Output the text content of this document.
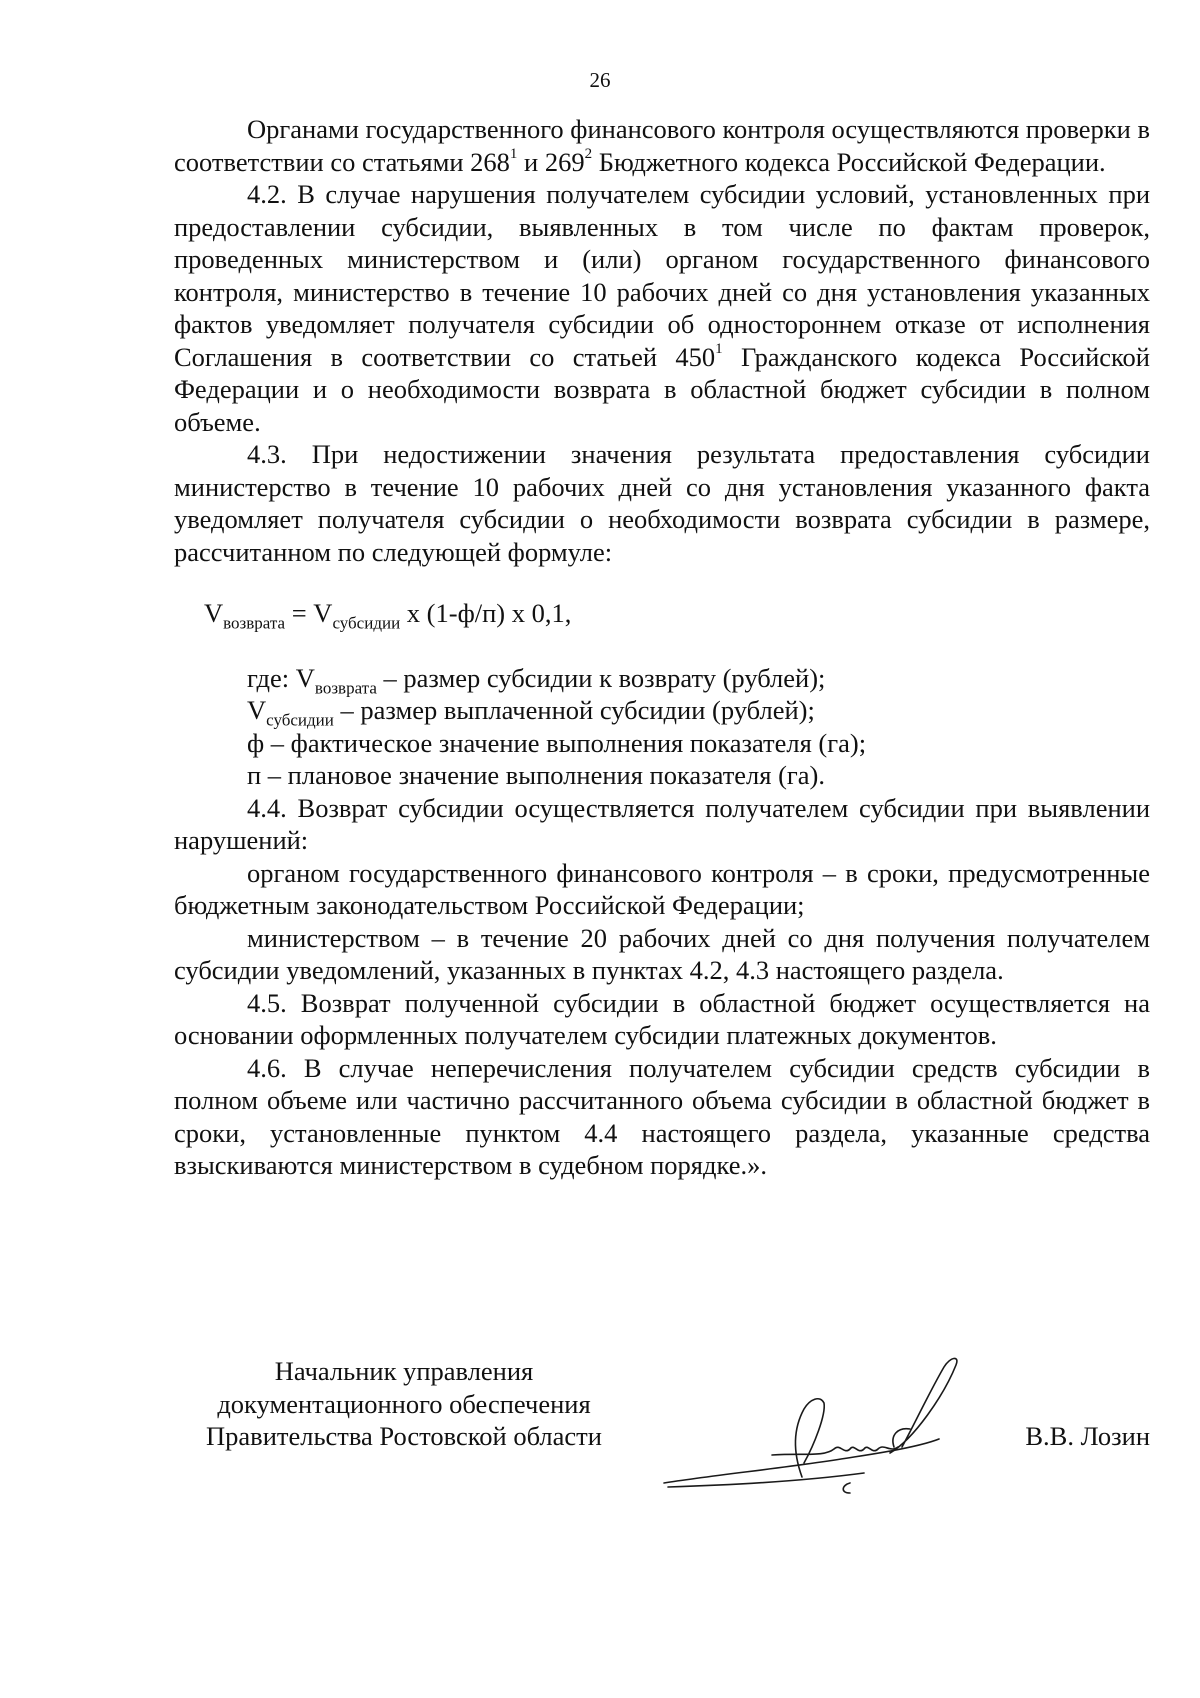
26

Органами государственного финансового контроля осуществляются проверки в соответствии со статьями $268^1$ и $269^2$ Бюджетного кодекса Российской Федерации.

4.2. В случае нарушения получателем субсидии условий, установленных при предоставлении субсидии, выявленных в том числе по фактам проверок, проведенных министерством и (или) органом государственного финансового контроля, министерство в течение 10 рабочих дней со дня установления указанных фактов уведомляет получателя субсидии об одностороннем отказе от исполнения Соглашения в соответствии со статьей $450^1$ Гражданского кодекса Российской Федерации и о необходимости возврата в областной бюджет субсидии в полном объеме.

4.3. При недостижении значения результата предоставления субсидии министерство в течение 10 рабочих дней со дня установления указанного факта уведомляет получателя субсидии о необходимости возврата субсидии в размере, рассчитанном по следующей формуле:

$V_{возврата} = V_{субсидии}$ x (1-ф/п) x 0,1,

где: $V_{возврата}$ – размер субсидии к возврату (рублей);

$V_{субсидии}$ – размер выплаченной субсидии (рублей);

ф – фактическое значение выполнения показателя (га);

п – плановое значение выполнения показателя (га).

4.4. Возврат субсидии осуществляется получателем субсидии при выявлении нарушений:

органом государственного финансового контроля – в сроки, предусмотренные бюджетным законодательством Российской Федерации;

министерством – в течение 20 рабочих дней со дня получения получателем субсидии уведомлений, указанных в пунктах 4.2, 4.3 настоящего раздела.

4.5. Возврат полученной субсидии в областной бюджет осуществляется на основании оформленных получателем субсидии платежных документов.

4.6. В случае неперечисления получателем субсидии средств субсидии в полном объеме или частично рассчитанного объема субсидии в областной бюджет в сроки, установленные пунктом 4.4 настоящего раздела, указанные средства взыскиваются министерством в судебном порядке.».

Начальник управления
документационного обеспечения
Правительства Ростовской области	В.В. Лозин
